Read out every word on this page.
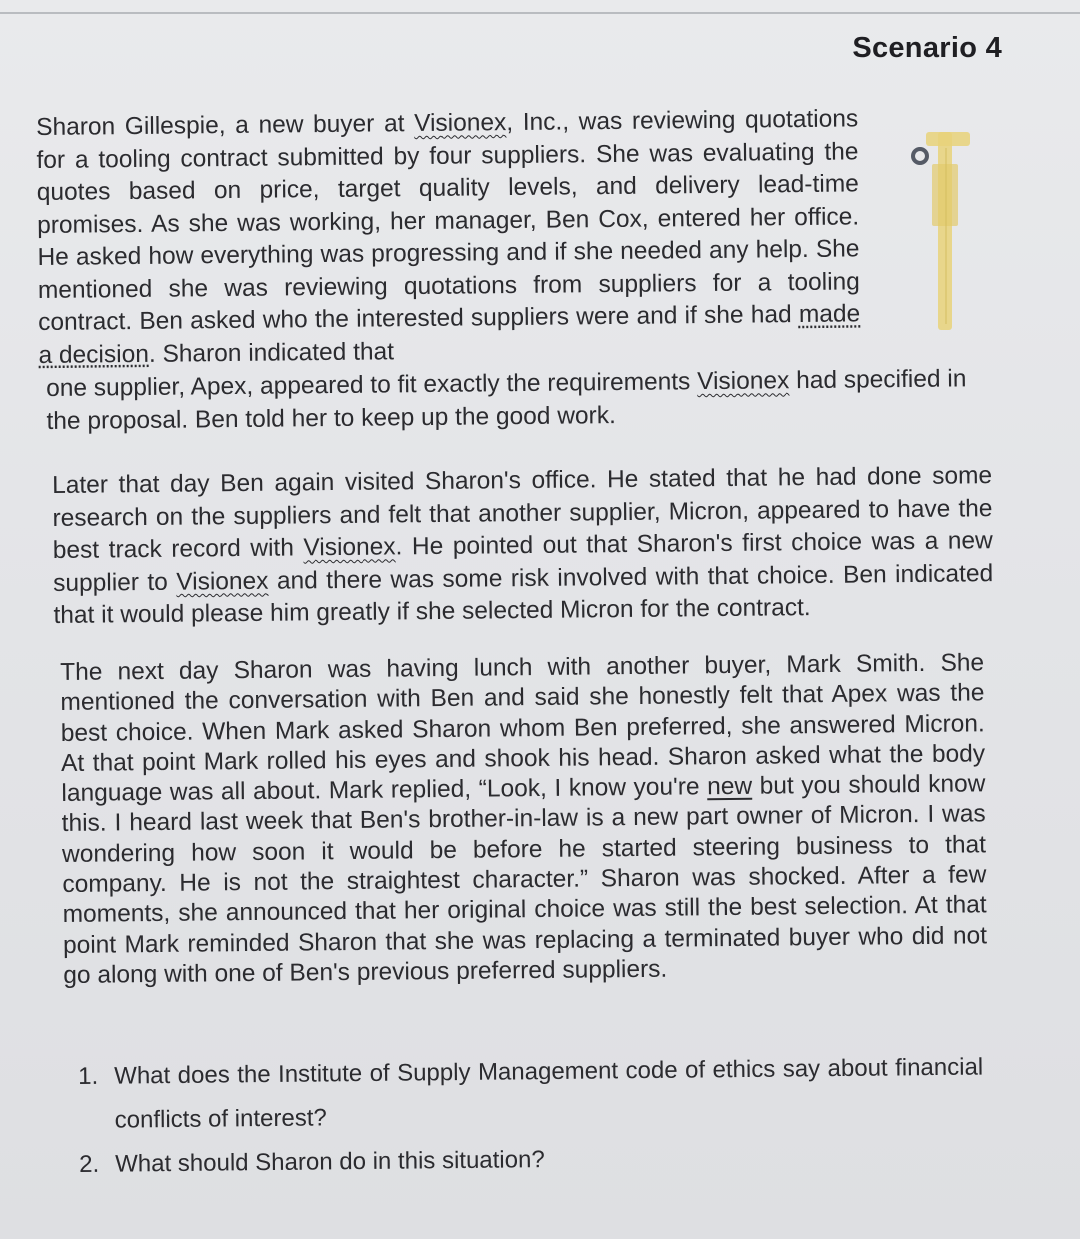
Scenario 4

Sharon Gillespie, a new buyer at Visionex, Inc., was reviewing quotations for a tooling contract submitted by four suppliers. She was evaluating the quotes based on price, target quality levels, and delivery lead-time promises. As she was working, her manager, Ben Cox, entered her office. He asked how everything was progressing and if she needed any help. She mentioned she was reviewing quotations from suppliers for a tooling contract. Ben asked who the interested suppliers were and if she had made a decision. Sharon indicated that

one supplier, Apex, appeared to fit exactly the requirements Visionex had specified in the proposal. Ben told her to keep up the good work.

Later that day Ben again visited Sharon's office. He stated that he had done some research on the suppliers and felt that another supplier, Micron, appeared to have the best track record with Visionex. He pointed out that Sharon's first choice was a new supplier to Visionex and there was some risk involved with that choice. Ben indicated that it would please him greatly if she selected Micron for the contract.

The next day Sharon was having lunch with another buyer, Mark Smith. She mentioned the conversation with Ben and said she honestly felt that Apex was the best choice. When Mark asked Sharon whom Ben preferred, she answered Micron. At that point Mark rolled his eyes and shook his head. Sharon asked what the body language was all about. Mark replied, “Look, I know you're new but you should know this. I heard last week that Ben's brother-in-law is a new part owner of Micron. I was wondering how soon it would be before he started steering business to that company. He is not the straightest character.” Sharon was shocked. After a few moments, she announced that her original choice was still the best selection. At that point Mark reminded Sharon that she was replacing a terminated buyer who did not go along with one of Ben's previous preferred suppliers.

1. What does the Institute of Supply Management code of ethics say about financial conflicts of interest?
2. What should Sharon do in this situation?
